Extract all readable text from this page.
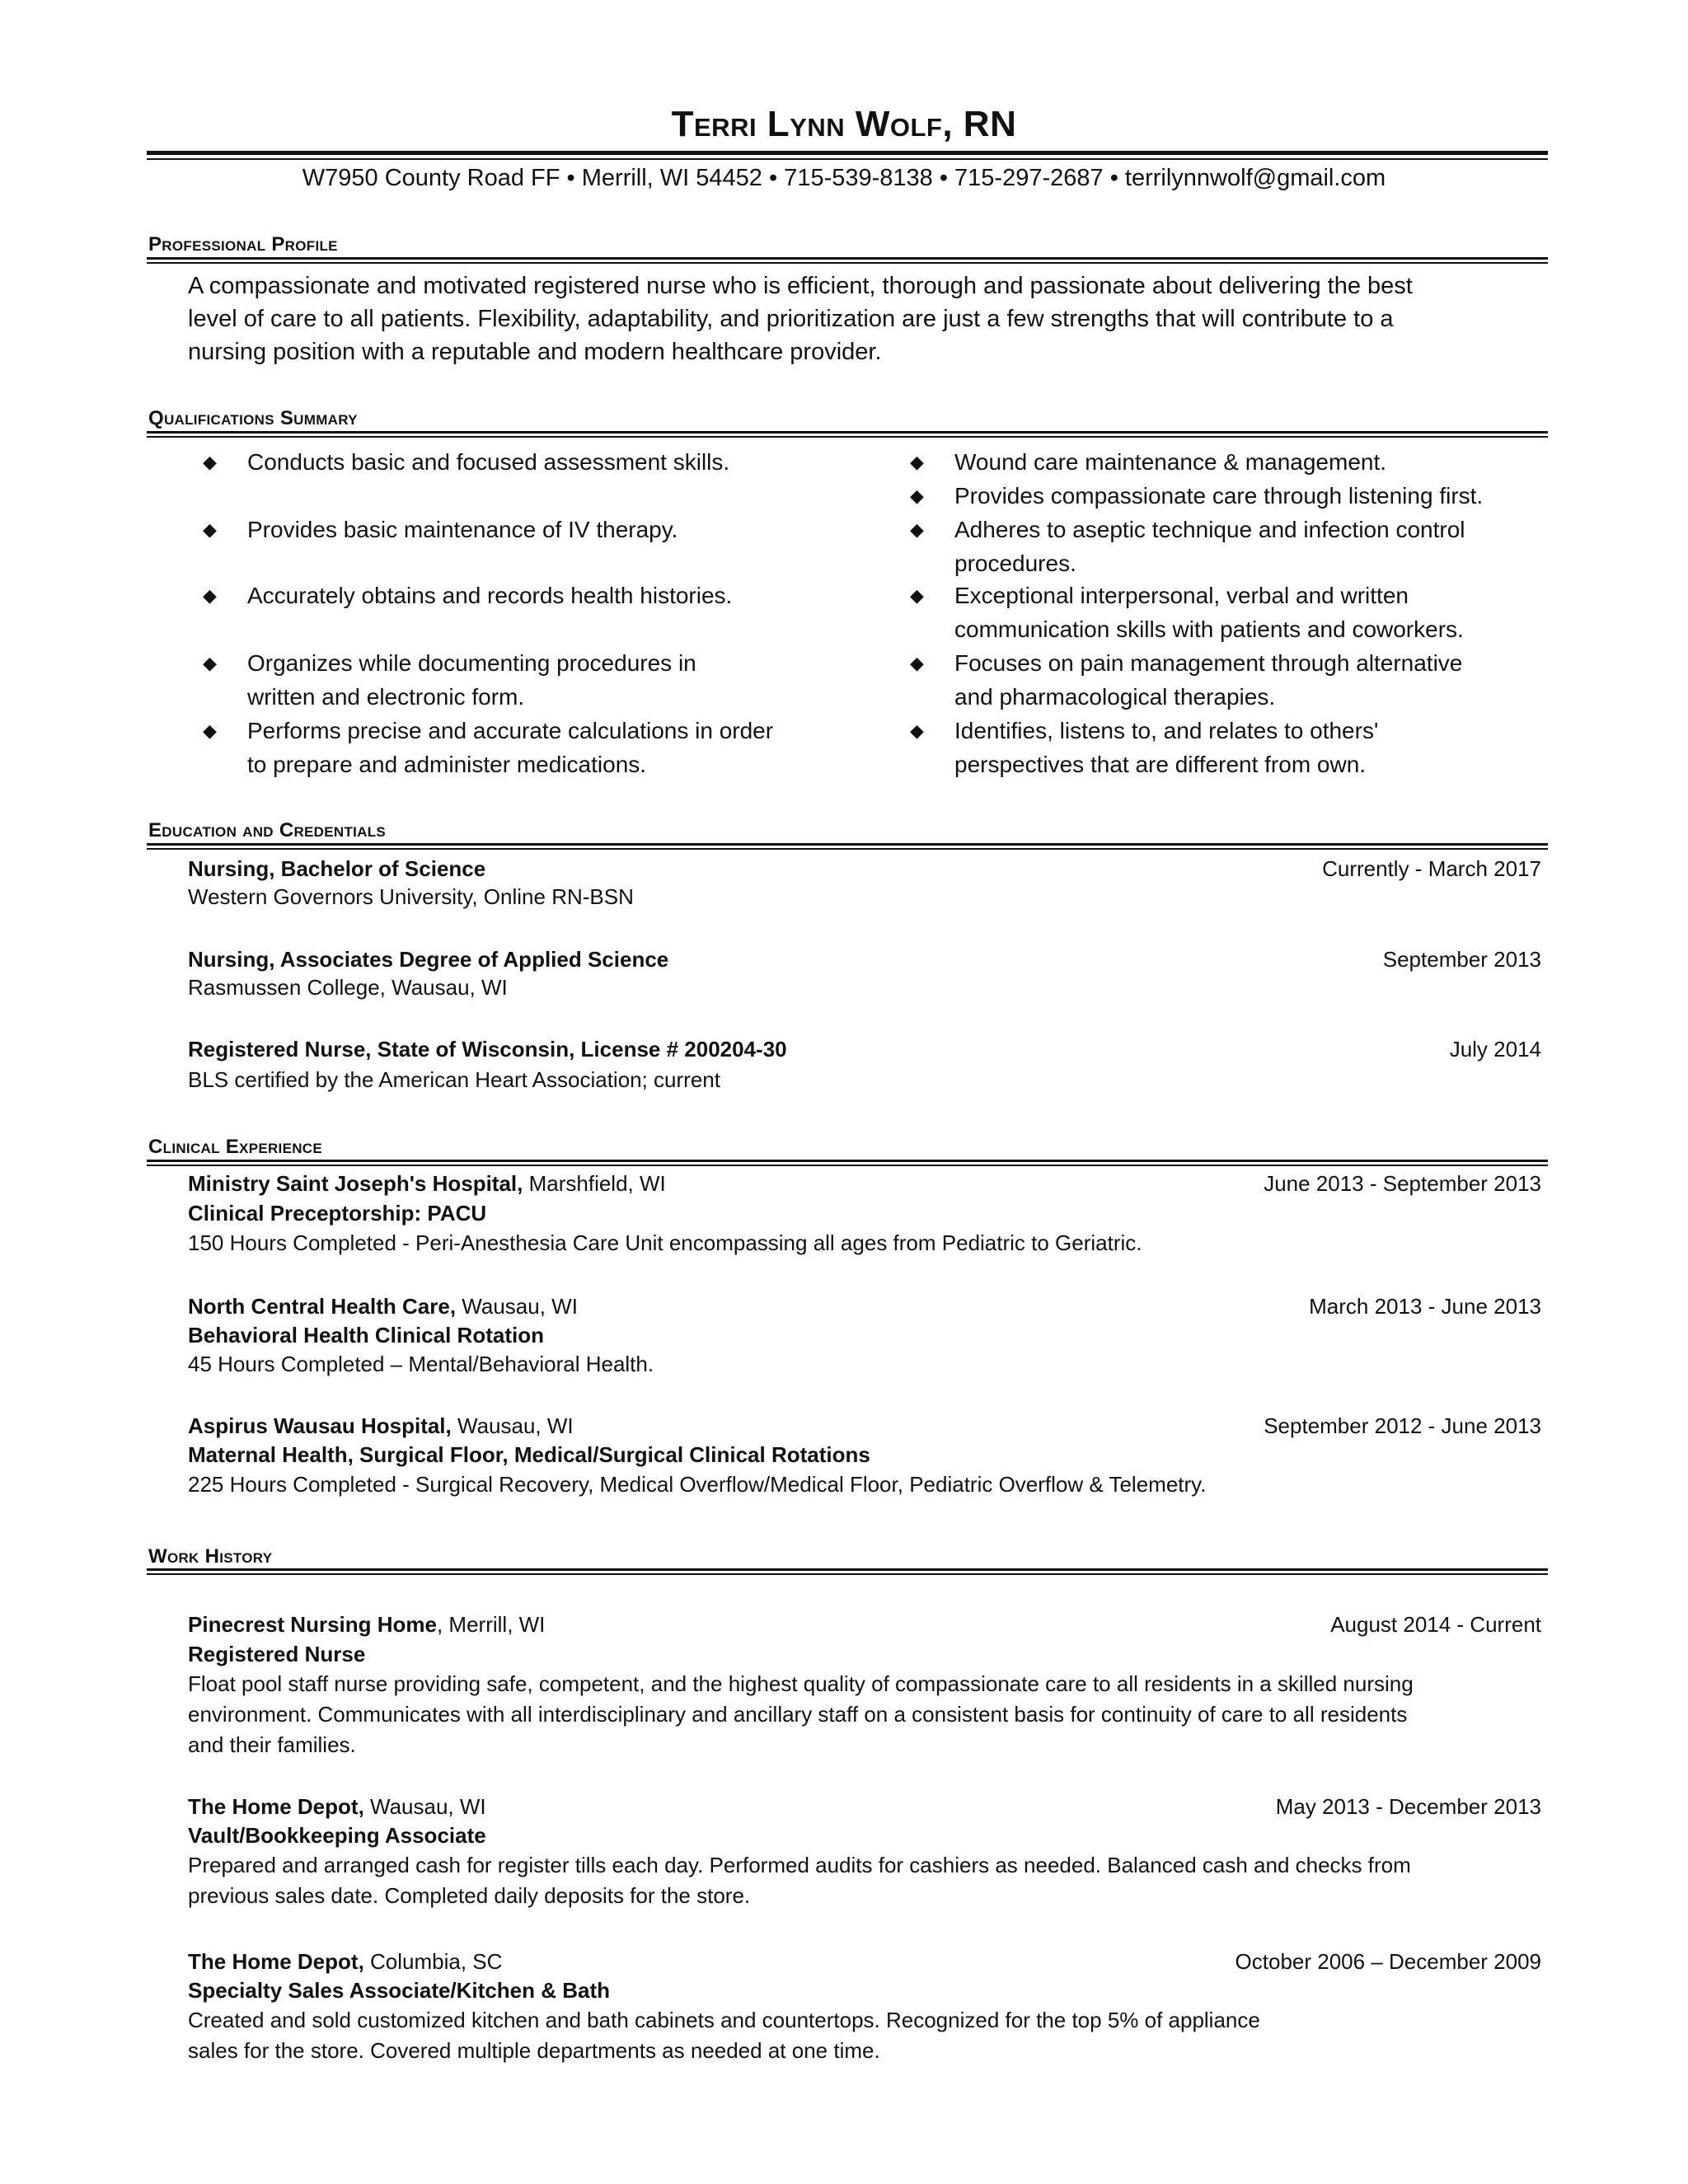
Terri Lynn Wolf, RN
W7950 County Road FF • Merrill, WI 54452 • 715-539-8138 • 715-297-2687 • terrilynnwolf@gmail.com
Professional Profile
A compassionate and motivated registered nurse who is efficient, thorough and passionate about delivering the best
level of care to all patients. Flexibility, adaptability, and prioritization are just a few strengths that will contribute to a
nursing position with a reputable and modern healthcare provider.
Qualifications Summary
◆ Conducts basic and focused assessment skills.
◆ Provides basic maintenance of IV therapy.
◆ Accurately obtains and records health histories.
◆ Organizes while documenting procedures in
written and electronic form.
◆ Performs precise and accurate calculations in order
to prepare and administer medications.
◆ Wound care maintenance & management.
◆ Provides compassionate care through listening first.
◆ Adheres to aseptic technique and infection control
procedures.
◆ Exceptional interpersonal, verbal and written
communication skills with patients and coworkers.
◆ Focuses on pain management through alternative
and pharmacological therapies.
◆ Identifies, listens to, and relates to others'
perspectives that are different from own.
Education and Credentials
Nursing, Bachelor of Science	Currently - March 2017
Western Governors University, Online RN-BSN
Nursing, Associates Degree of Applied Science	September 2013
Rasmussen College, Wausau, WI
Registered Nurse, State of Wisconsin, License # 200204-30	July 2014
BLS certified by the American Heart Association; current
Clinical Experience
Ministry Saint Joseph's Hospital, Marshfield, WI	June 2013 - September 2013
Clinical Preceptorship: PACU
150 Hours Completed - Peri-Anesthesia Care Unit encompassing all ages from Pediatric to Geriatric.
North Central Health Care, Wausau, WI	March 2013 - June 2013
Behavioral Health Clinical Rotation
45 Hours Completed – Mental/Behavioral Health.
Aspirus Wausau Hospital, Wausau, WI	September 2012 - June 2013
Maternal Health, Surgical Floor, Medical/Surgical Clinical Rotations
225 Hours Completed - Surgical Recovery, Medical Overflow/Medical Floor, Pediatric Overflow & Telemetry.
Work History
Pinecrest Nursing Home, Merrill, WI	August 2014 - Current
Registered Nurse
Float pool staff nurse providing safe, competent, and the highest quality of compassionate care to all residents in a skilled nursing
environment. Communicates with all interdisciplinary and ancillary staff on a consistent basis for continuity of care to all residents
and their families.
The Home Depot, Wausau, WI	May 2013 - December 2013
Vault/Bookkeeping Associate
Prepared and arranged cash for register tills each day. Performed audits for cashiers as needed. Balanced cash and checks from
previous sales date. Completed daily deposits for the store.
The Home Depot, Columbia, SC	October 2006 – December 2009
Specialty Sales Associate/Kitchen & Bath
Created and sold customized kitchen and bath cabinets and countertops. Recognized for the top 5% of appliance
sales for the store. Covered multiple departments as needed at one time.
